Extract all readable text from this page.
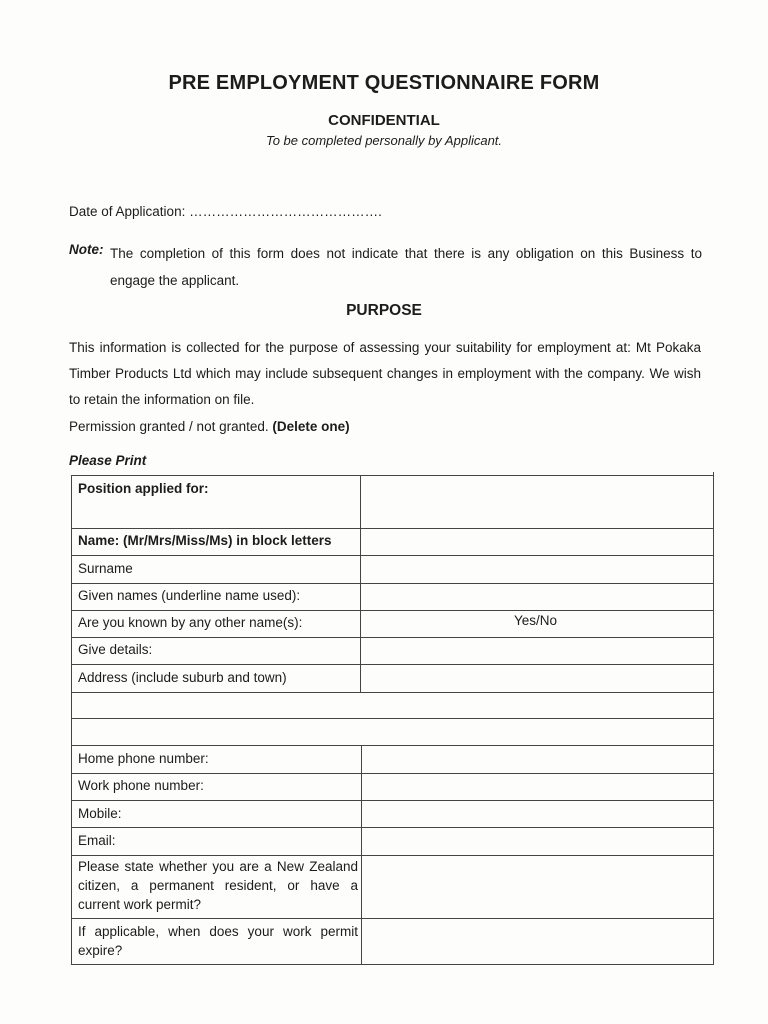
PRE EMPLOYMENT QUESTIONNAIRE FORM
CONFIDENTIAL
To be completed personally by Applicant.
Date of Application: …………………………………….
Note: The completion of this form does not indicate that there is any obligation on this Business to engage the applicant.
PURPOSE
This information is collected for the purpose of assessing your suitability for employment at: Mt Pokaka Timber Products Ltd which may include subsequent changes in employment with the company. We wish to retain the information on file.
Permission granted / not granted. (Delete one)
Please Print
Position applied for:
Name: (Mr/Mrs/Miss/Ms) in block letters
Surname
Given names (underline name used):
Are you known by any other name(s):	Yes/No
Give details:
Address (include suburb and town)
Home phone number:
Work phone number:
Mobile:
Email:
Please state whether you are a New Zealand citizen, a permanent resident, or have a current work permit?
If applicable, when does your work permit expire?
